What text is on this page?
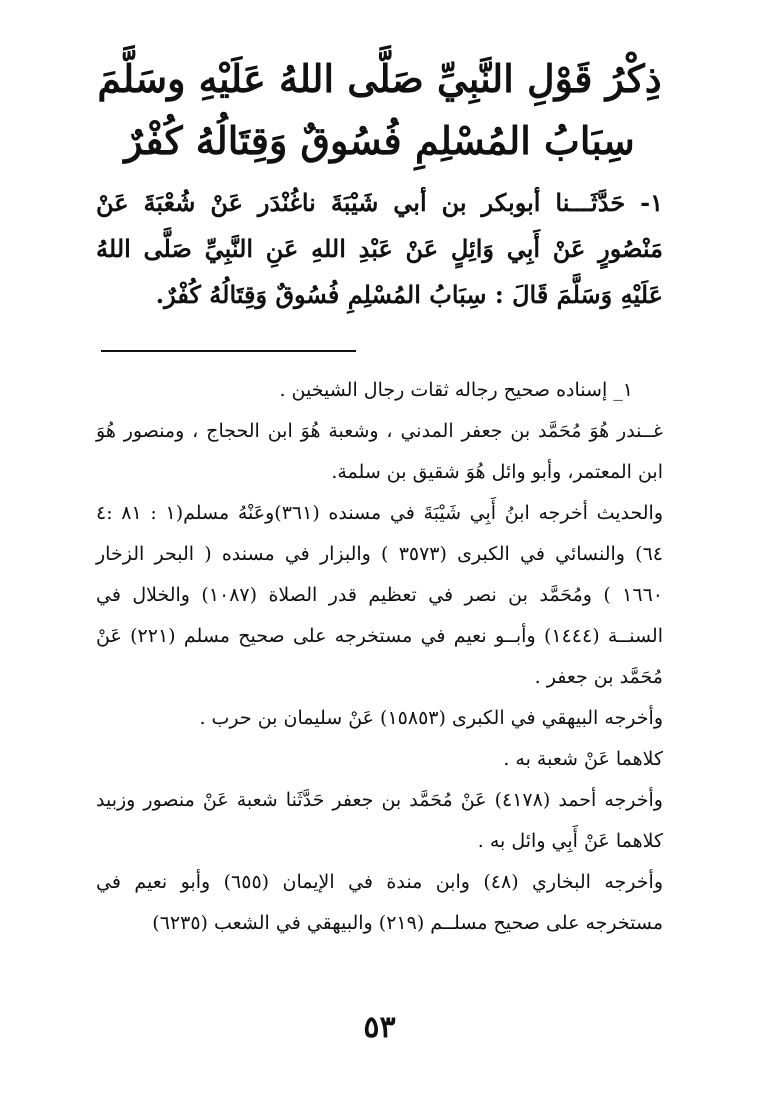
ذِكْرُ قَوْلِ النَّبِيِّ صَلَّى اللهُ عَلَيْهِ وسَلَّمَ
سِبَابُ المُسْلِمِ فُسُوقٌ وَقِتَالُهُ كُفْرٌ

١- حَدَّثَـــنا أبوبكر بن أبي شَيْبَةَ ناغُنْدَر عَنْ شُعْبَةَ عَنْ مَنْصُورٍ عَنْ أَبِي وَائِلٍ عَنْ عَبْدِ اللهِ عَنِ النَّبِيِّ صَلَّى اللهُ عَلَيْهِ وَسَلَّمَ قَالَ : سِبَابُ المُسْلِمِ فُسُوقٌ وَقِتَالُهُ كُفْرٌ.

١_ إسناده صحيح رجاله ثقات رجال الشيخين .

غــندر هُوَ مُحَمَّد بن جعفر المدني ، وشعبة هُوَ ابن الحجاج ، ومنصور هُوَ ابن المعتمر، وأبو وائل هُوَ شقيق بن سلمة.

والحديث أخرجه ابنُ أَبِي شَيْبَةَ في مسنده (٣٦١)وعَنْهُ مسلم(١ : ٨١ :٤ ٦٤) والنسائي في الكبرى (٣٥٧٣ ) والبزار في مسنده ( البحر الزخار ١٦٦٠ ) ومُحَمَّد بن نصر في تعظيم قدر الصلاة (١٠٨٧) والخلال في السنــة (١٤٤٤) وأبــو نعيم في مستخرجه على صحيح مسلم (٢٢١) عَنْ مُحَمَّد بن جعفر .

وأخرجه البيهقي في الكبرى (١٥٨٥٣) عَنْ سليمان بن حرب .

كلاهما عَنْ شعبة به .

وأخرجه أحمد (٤١٧٨) عَنْ مُحَمَّد بن جعفر حَدَّثَنا شعبة عَنْ منصور وزبيد كلاهما عَنْ أَبِي وائل به .

وأخرجه البخاري (٤٨) وابن مندة في الإيمان (٦٥٥) وأبو نعيم في مستخرجه على صحيح مسلــم (٢١٩) والبيهقي في الشعب (٦٢٣٥)

٥٣
